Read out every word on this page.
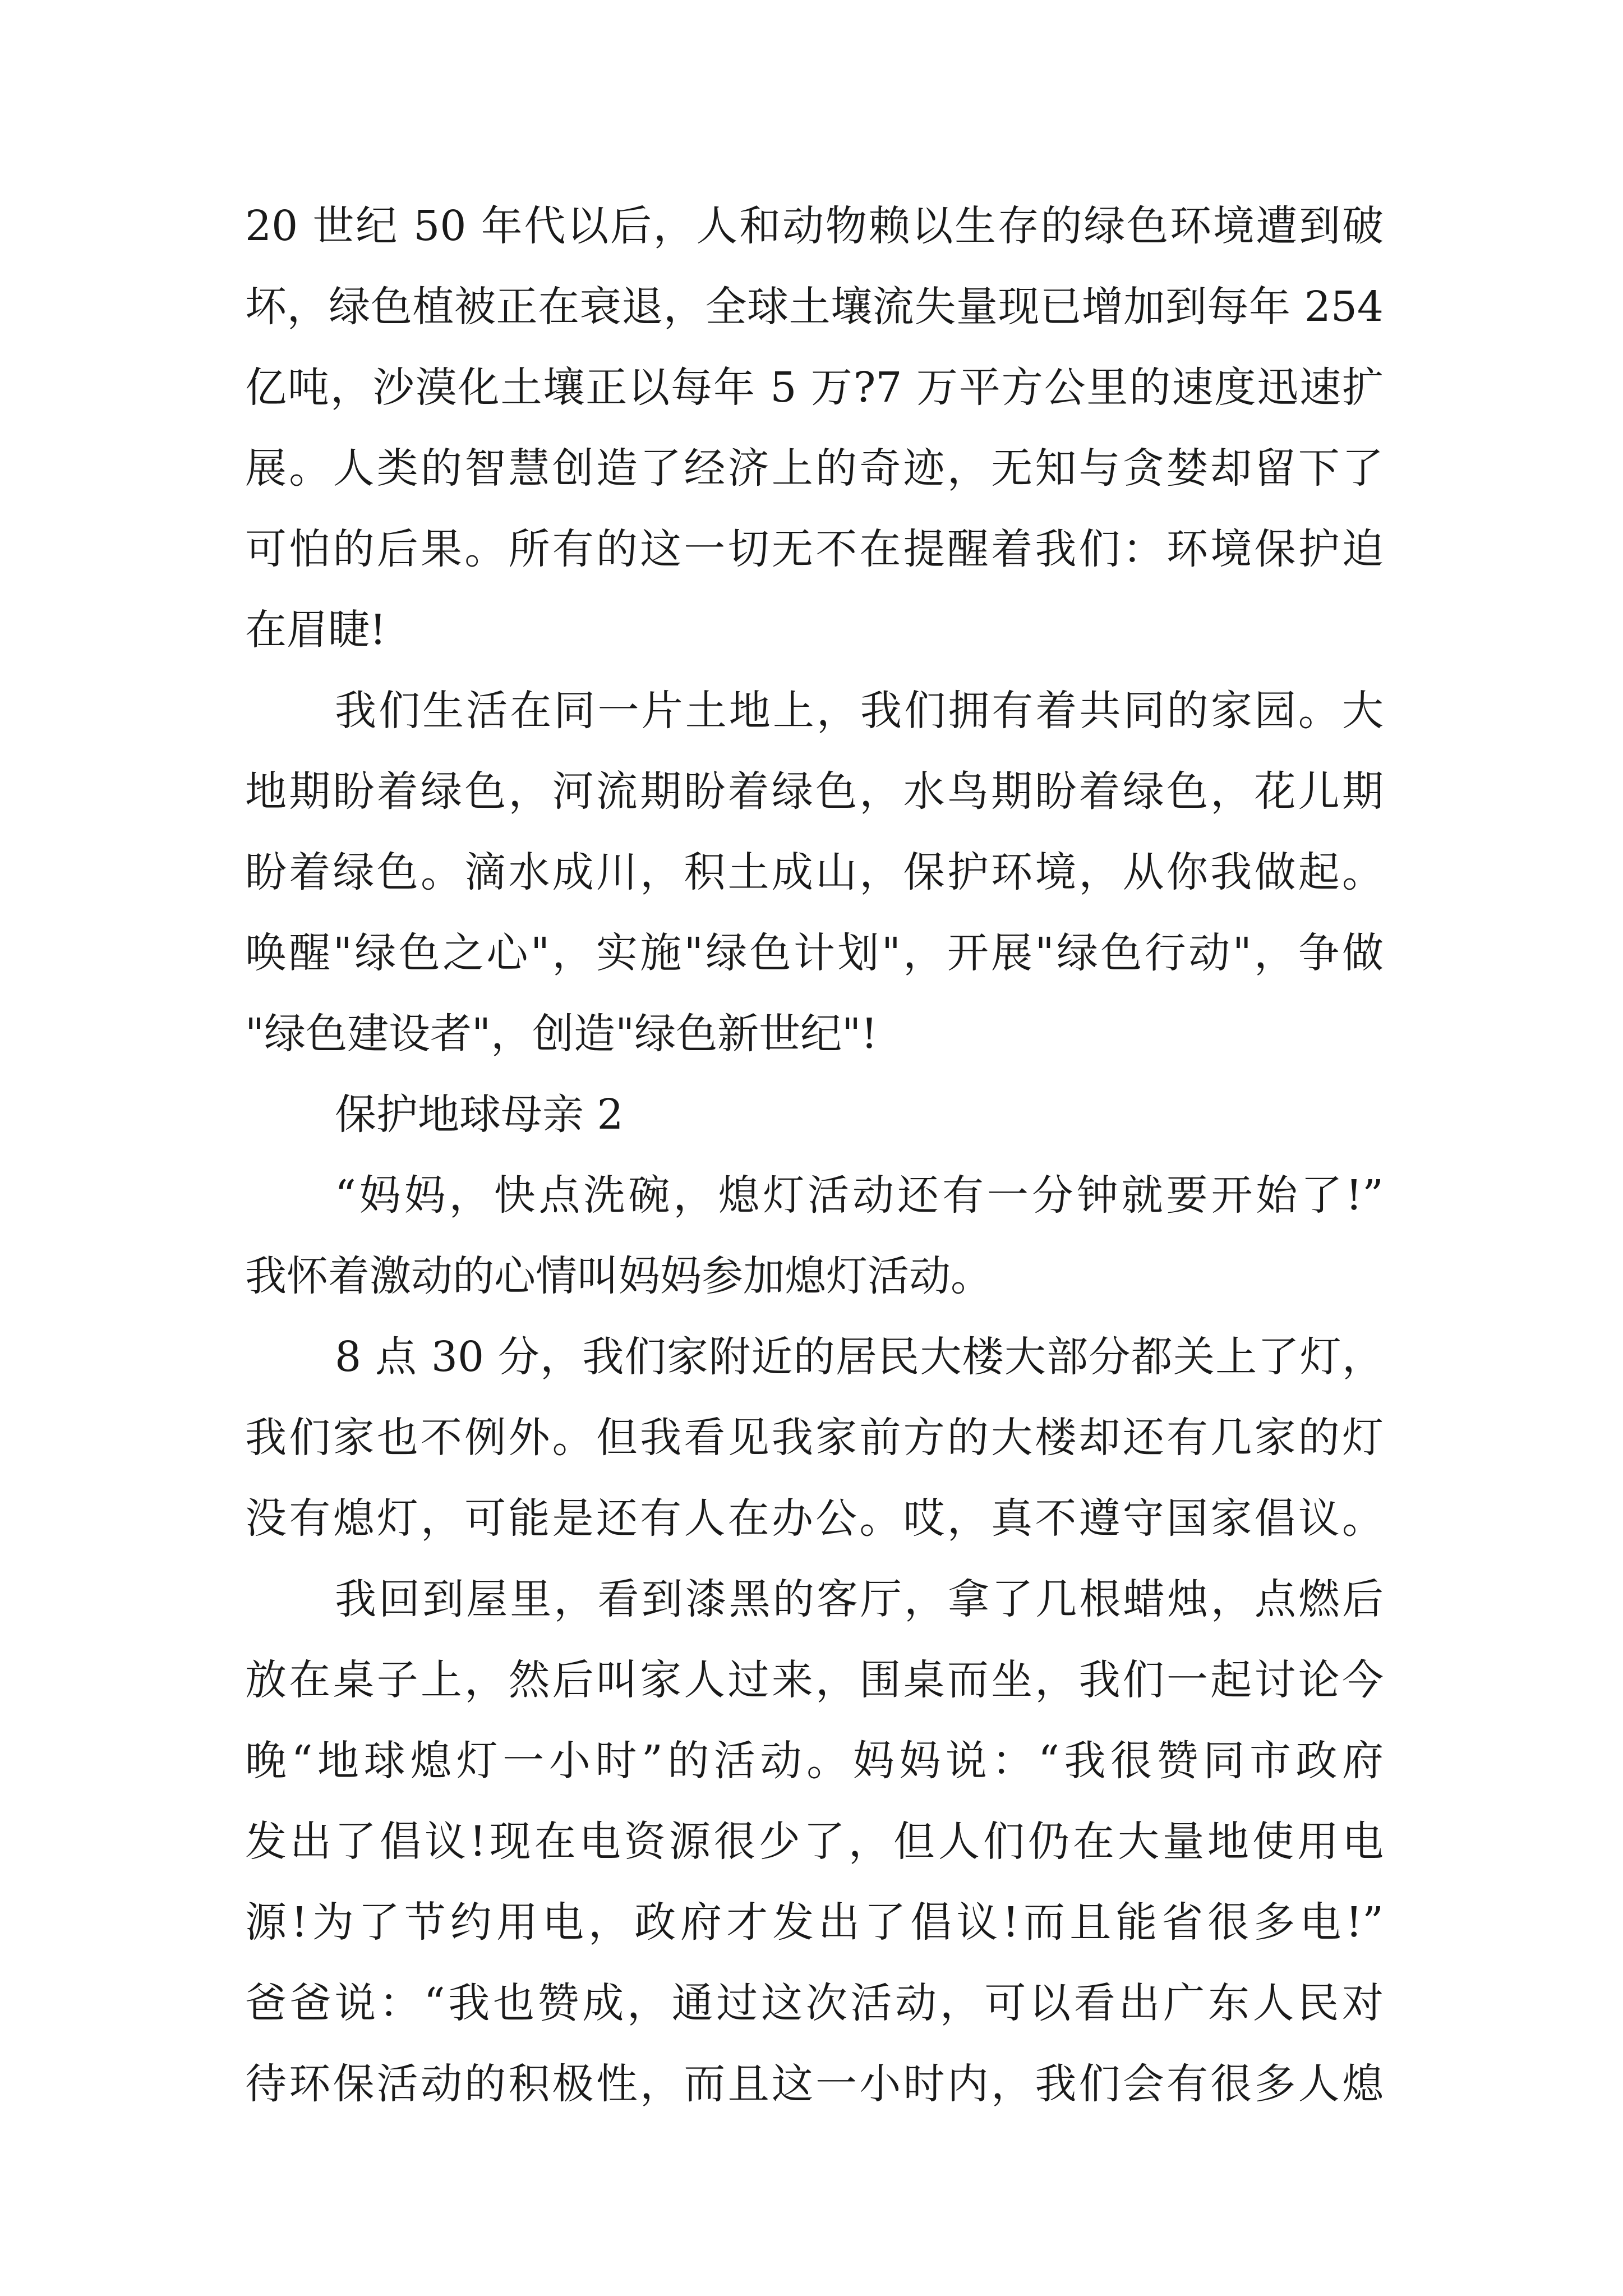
20 世纪 50 年代以后，人和动物赖以生存的绿色环境遭到破
坏，绿色植被正在衰退，全球土壤流失量现已增加到每年 254
亿吨，沙漠化土壤正以每年 5 万?7 万平方公里的速度迅速扩
展。人类的智慧创造了经济上的奇迹，无知与贪婪却留下了
可怕的后果。所有的这一切无不在提醒着我们：环境保护迫
在眉睫!
我们生活在同一片土地上，我们拥有着共同的家园。大
地期盼着绿色，河流期盼着绿色，水鸟期盼着绿色，花儿期
盼着绿色。滴水成川，积土成山，保护环境，从你我做起。
唤醒"绿色之心"，实施"绿色计划"，开展"绿色行动"，争做
"绿色建设者"，创造"绿色新世纪"!
保护地球母亲 2
“妈妈，快点洗碗，熄灯活动还有一分钟就要开始了!”
我怀着激动的心情叫妈妈参加熄灯活动。
8 点 30 分，我们家附近的居民大楼大部分都关上了灯，
我们家也不例外。但我看见我家前方的大楼却还有几家的灯
没有熄灯，可能是还有人在办公。哎，真不遵守国家倡议。
我回到屋里，看到漆黑的客厅，拿了几根蜡烛，点燃后
放在桌子上，然后叫家人过来，围桌而坐，我们一起讨论今
晚“地球熄灯一小时”的活动。妈妈说：“我很赞同市政府
发出了倡议!现在电资源很少了，但人们仍在大量地使用电
源!为了节约用电，政府才发出了倡议!而且能省很多电!”
爸爸说：“我也赞成，通过这次活动，可以看出广东人民对
待环保活动的积极性，而且这一小时内，我们会有很多人熄
